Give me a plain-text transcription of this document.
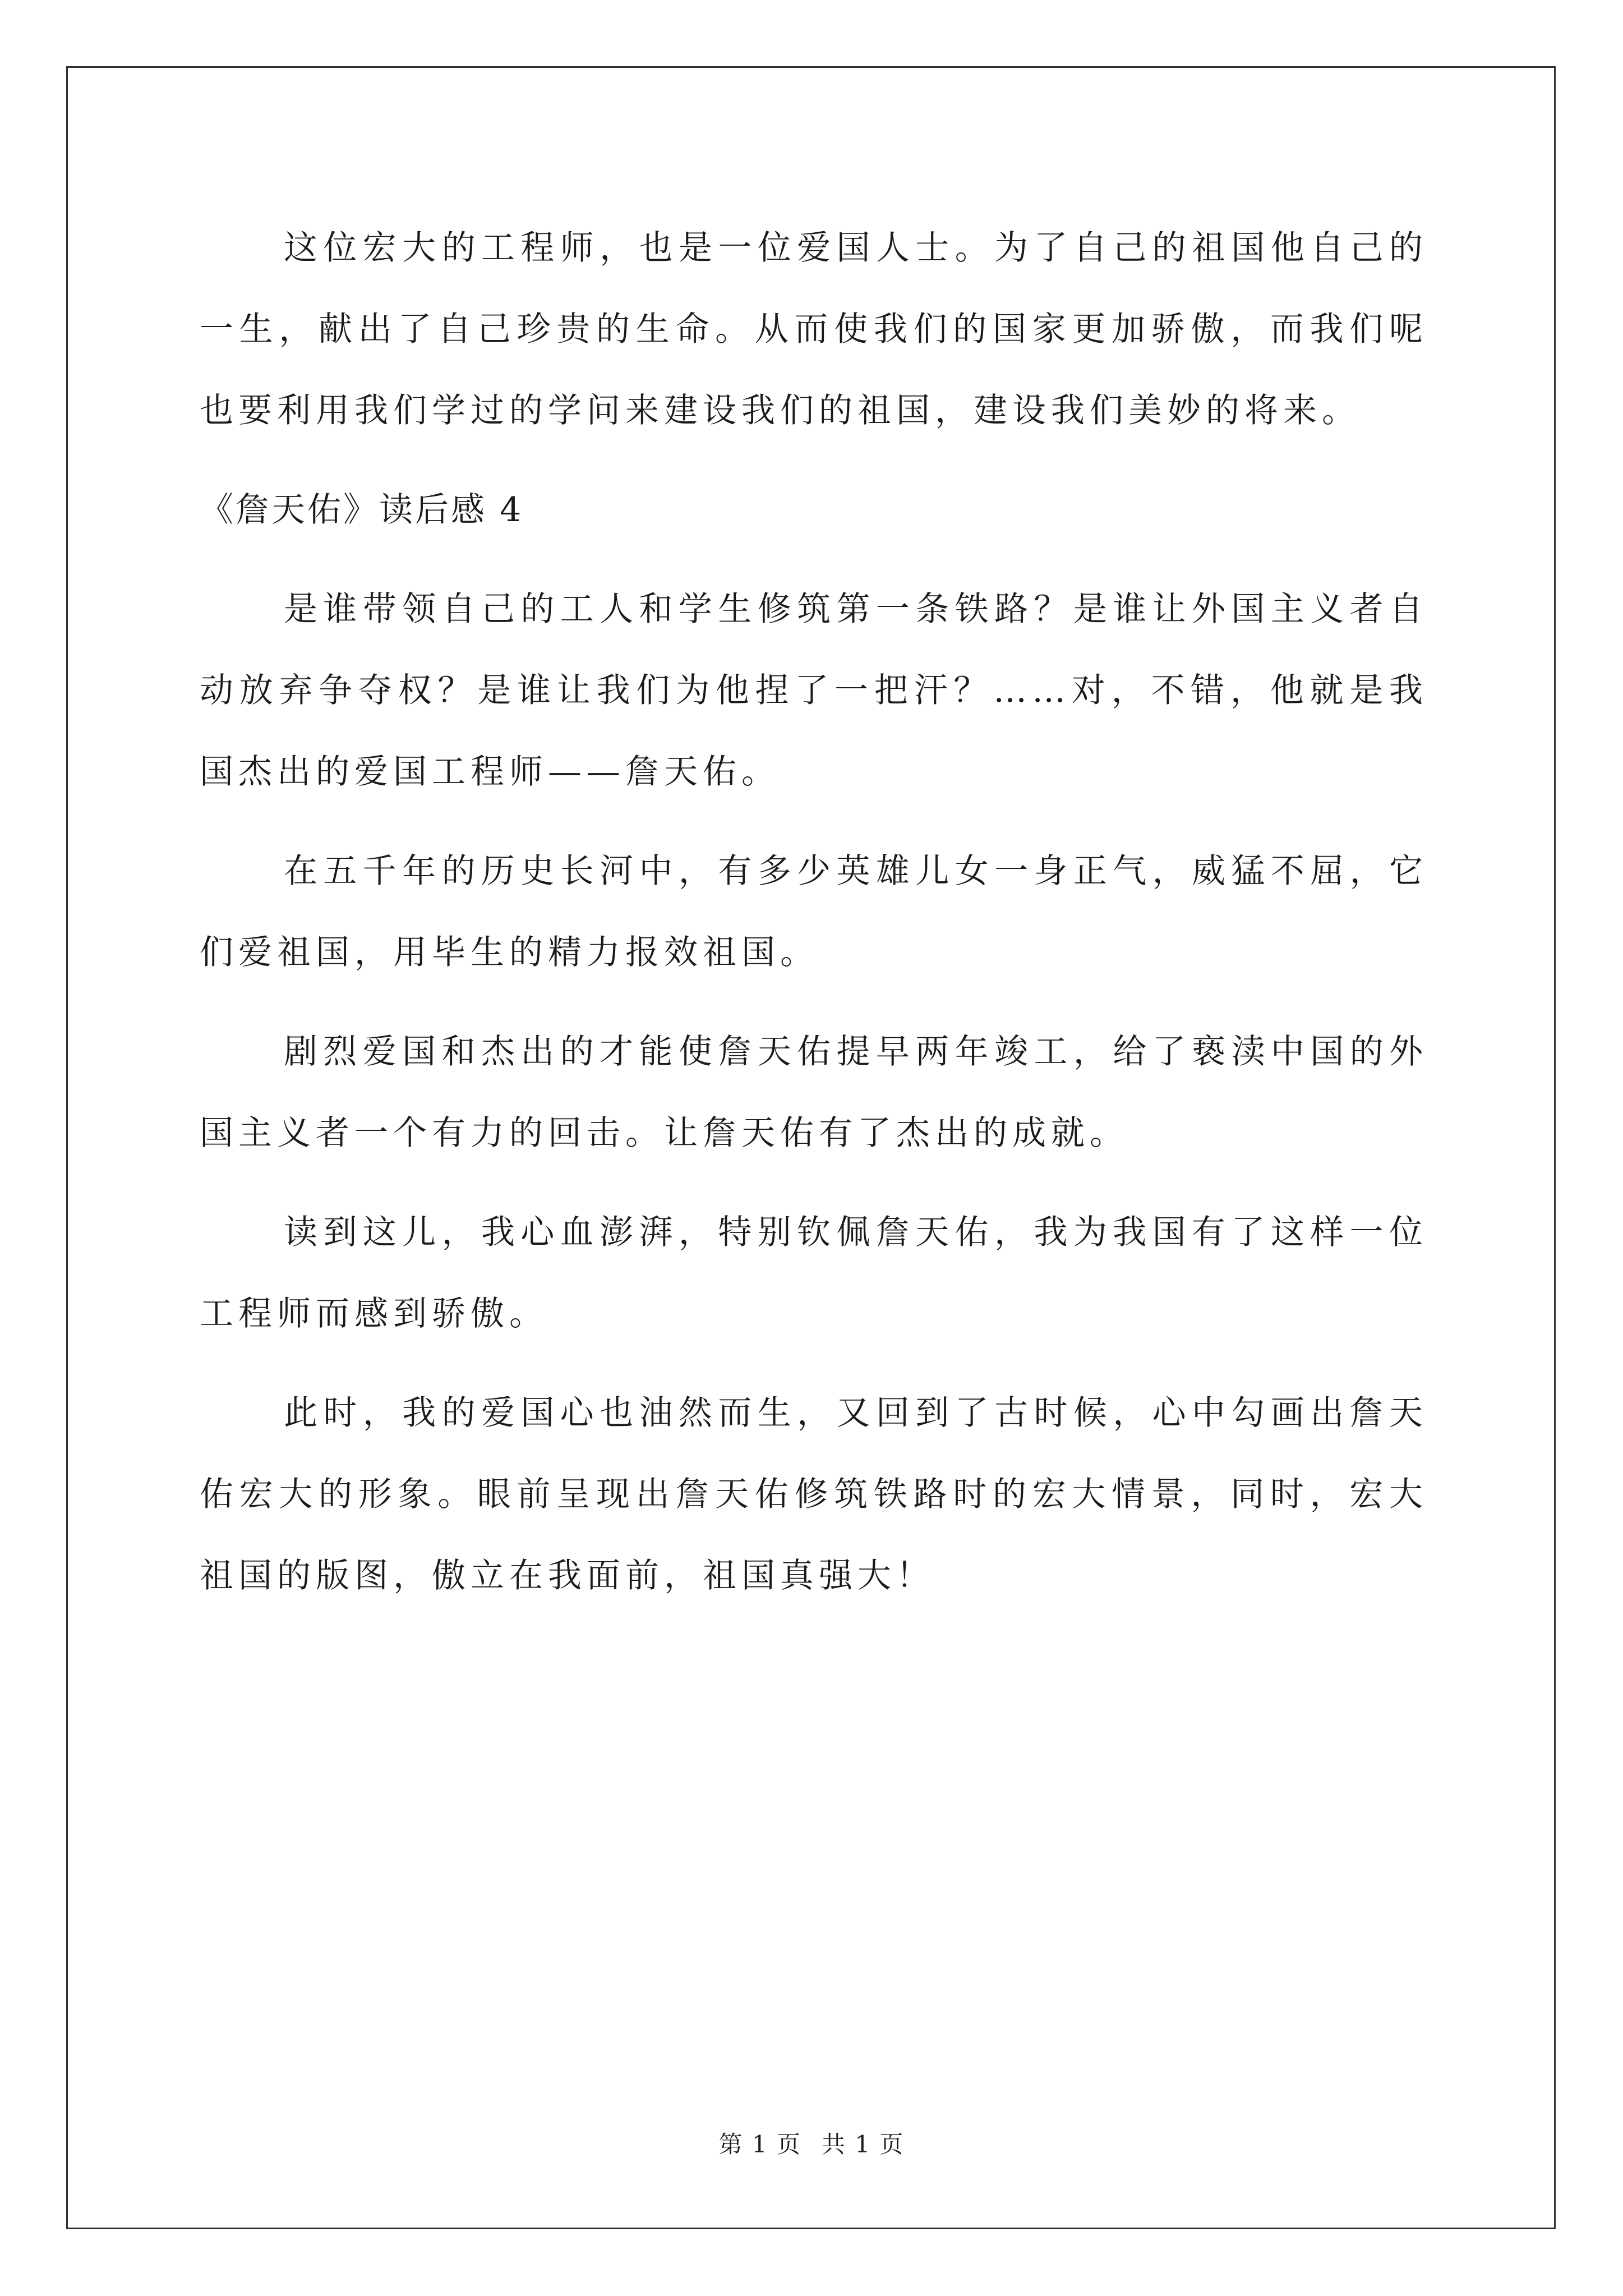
这位宏大的工程师，也是一位爱国人士。为了自己的祖国他自己的一生，献出了自己珍贵的生命。从而使我们的国家更加骄傲，而我们呢也要利用我们学过的学问来建设我们的祖国，建设我们美妙的将来。

《詹天佑》读后感 4

是谁带领自己的工人和学生修筑第一条铁路？是谁让外国主义者自动放弃争夺权？是谁让我们为他捏了一把汗？……对，不错，他就是我国杰出的爱国工程师——詹天佑。

在五千年的历史长河中，有多少英雄儿女一身正气，威猛不屈，它们爱祖国，用毕生的精力报效祖国。

剧烈爱国和杰出的才能使詹天佑提早两年竣工，给了亵渎中国的外国主义者一个有力的回击。让詹天佑有了杰出的成就。

读到这儿，我心血澎湃，特别钦佩詹天佑，我为我国有了这样一位工程师而感到骄傲。

此时，我的爱国心也油然而生，又回到了古时候，心中勾画出詹天佑宏大的形象。眼前呈现出詹天佑修筑铁路时的宏大情景，同时，宏大祖国的版图，傲立在我面前，祖国真强大！

第 1 页 共 1 页
